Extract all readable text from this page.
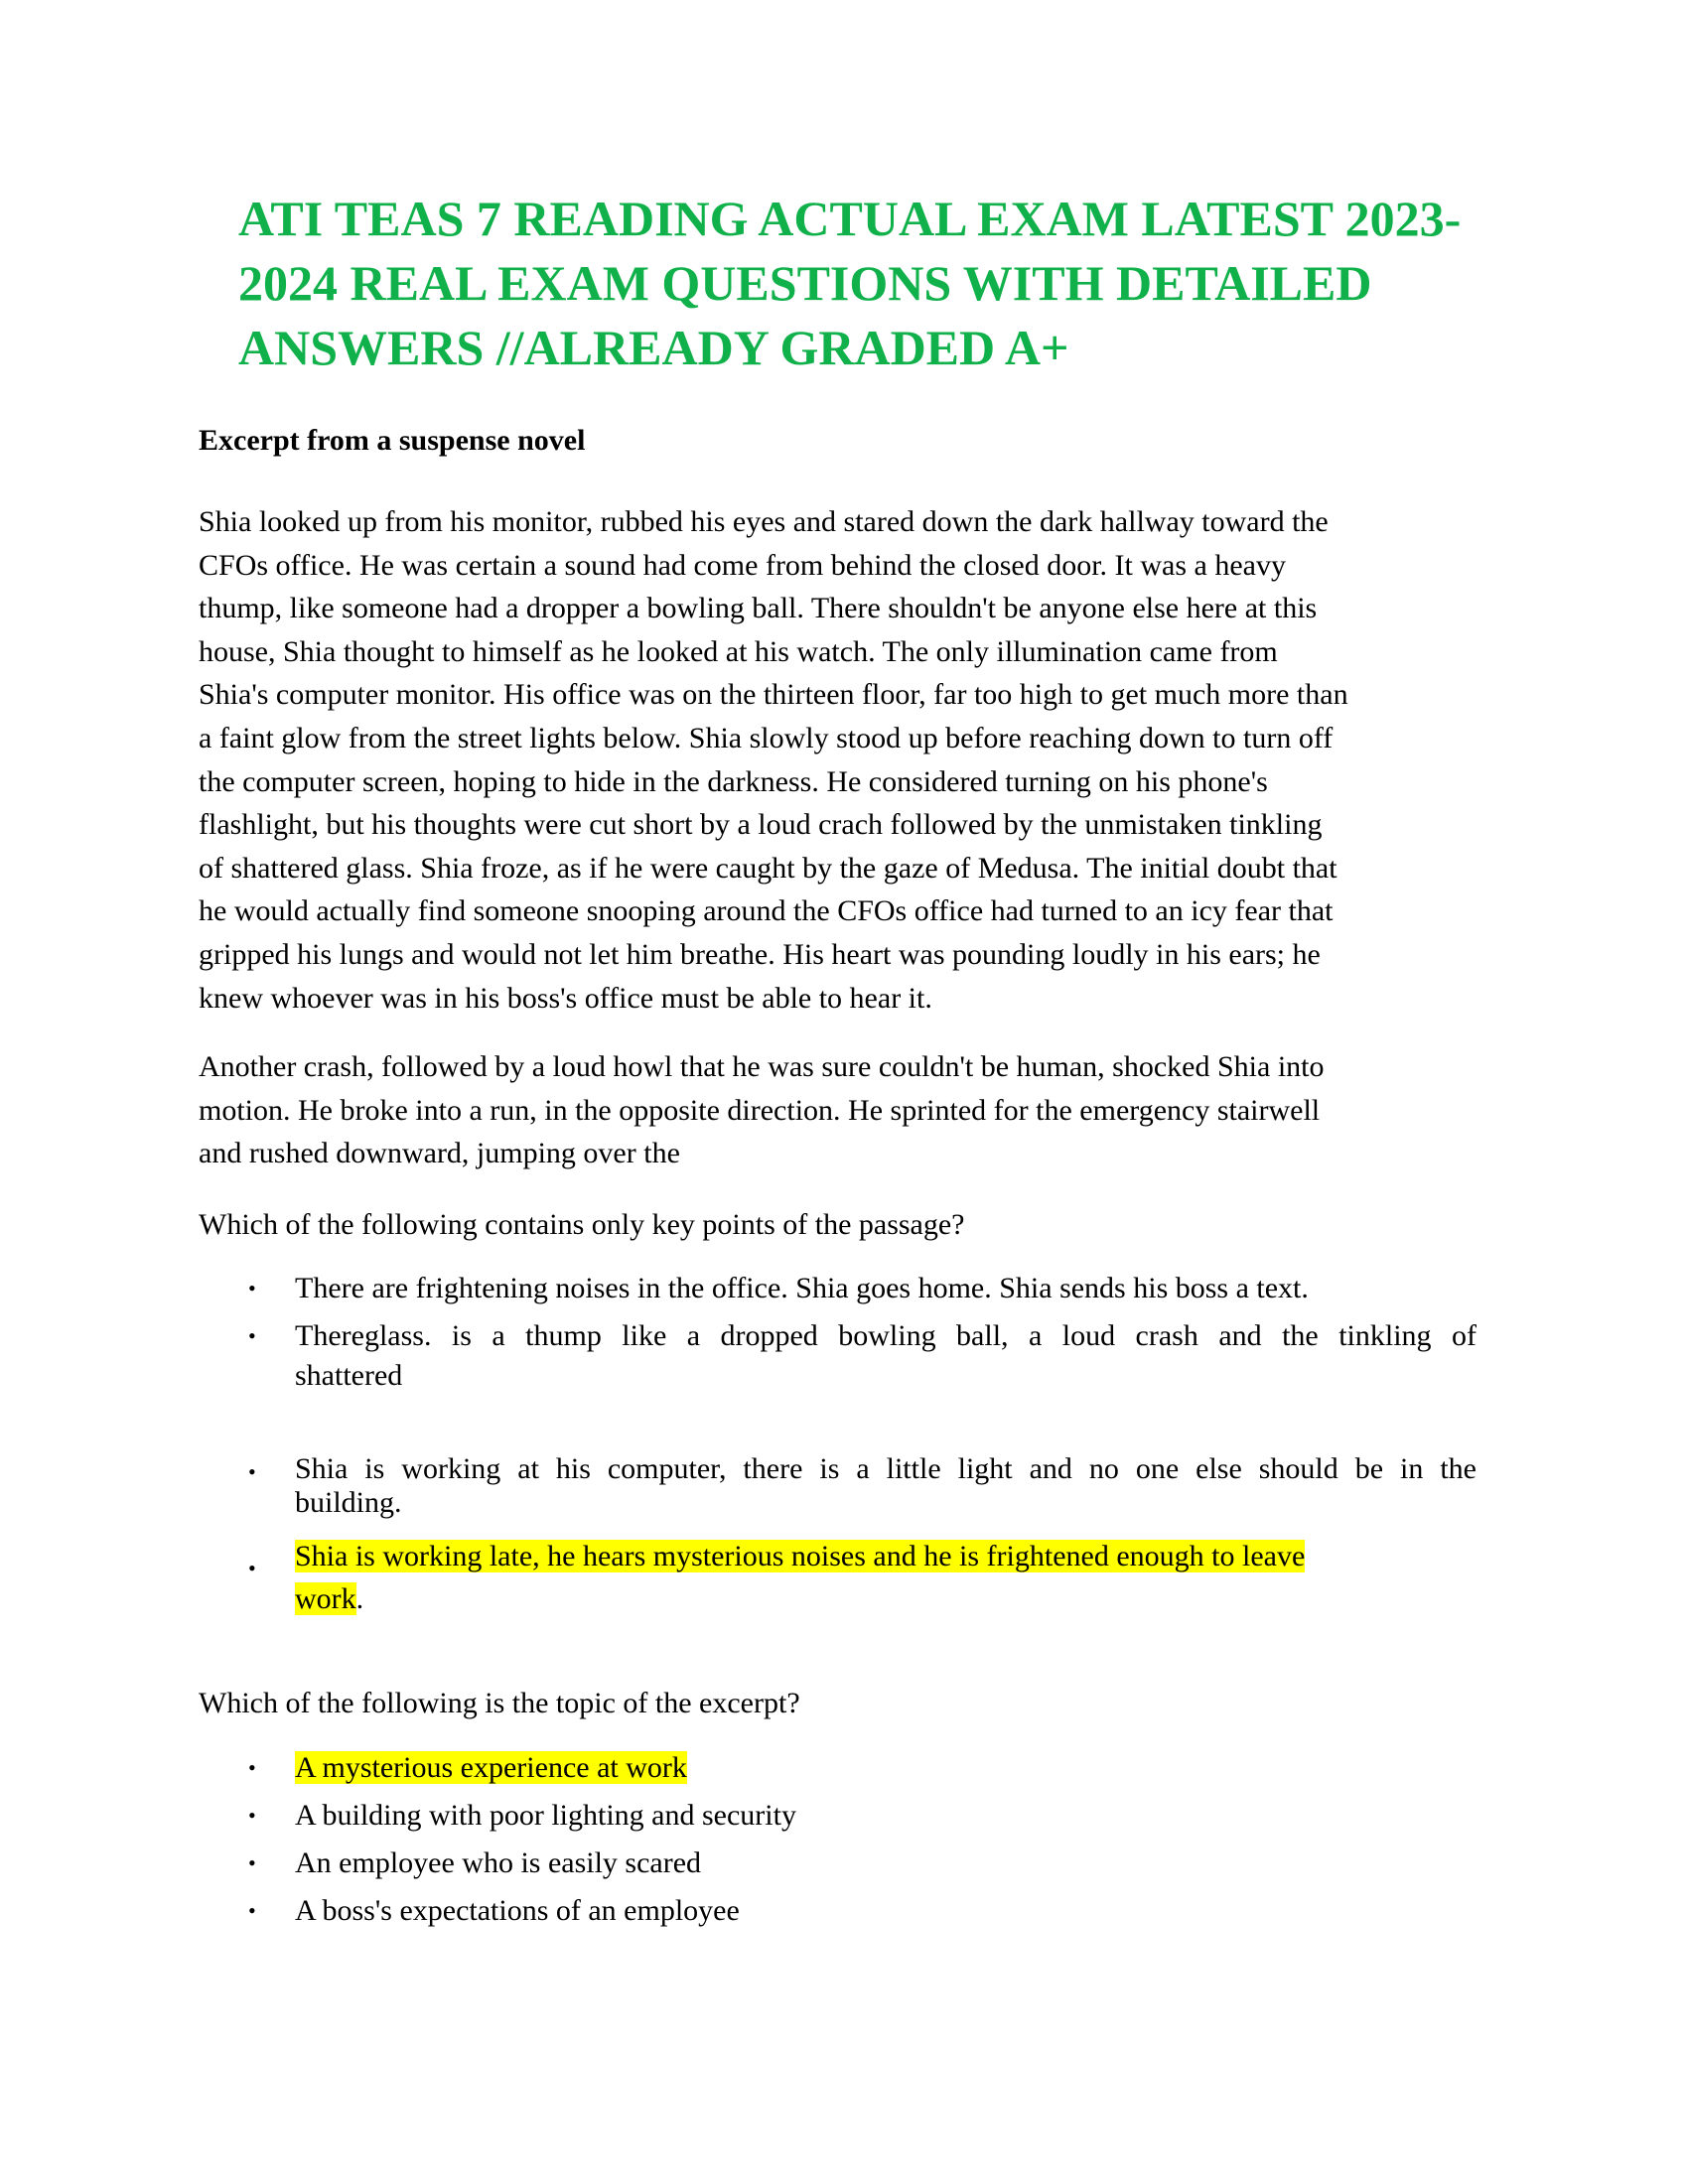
ATI TEAS 7 READING ACTUAL EXAM LATEST 2023-
2024 REAL EXAM QUESTIONS WITH DETAILED
ANSWERS //ALREADY GRADED A+

Excerpt from a suspense novel

Shia looked up from his monitor, rubbed his eyes and stared down the dark hallway toward the
CFOs office. He was certain a sound had come from behind the closed door. It was a heavy
thump, like someone had a dropper a bowling ball. There shouldn't be anyone else here at this
house, Shia thought to himself as he looked at his watch. The only illumination came from
Shia's computer monitor. His office was on the thirteen floor, far too high to get much more than
a faint glow from the street lights below. Shia slowly stood up before reaching down to turn off
the computer screen, hoping to hide in the darkness. He considered turning on his phone's
flashlight, but his thoughts were cut short by a loud crach followed by the unmistaken tinkling
of shattered glass. Shia froze, as if he were caught by the gaze of Medusa. The initial doubt that
he would actually find someone snooping around the CFOs office had turned to an icy fear that
gripped his lungs and would not let him breathe. His heart was pounding loudly in his ears; he
knew whoever was in his boss's office must be able to hear it.

Another crash, followed by a loud howl that he was sure couldn't be human, shocked Shia into
motion. He broke into a run, in the opposite direction. He sprinted for the emergency stairwell
and rushed downward, jumping over the

Which of the following contains only key points of the passage?

• There are frightening noises in the office. Shia goes home. Shia sends his boss a text.

• Thereglass. is a thump like a dropped bowling ball, a loud crash and the tinkling of
shattered

• Shia is working at his computer, there is a little light and no one else should be in the
building.

• Shia is working late, he hears mysterious noises and he is frightened enough to leave
work.

Which of the following is the topic of the excerpt?

• A mysterious experience at work

• A building with poor lighting and security

• An employee who is easily scared

• A boss's expectations of an employee
